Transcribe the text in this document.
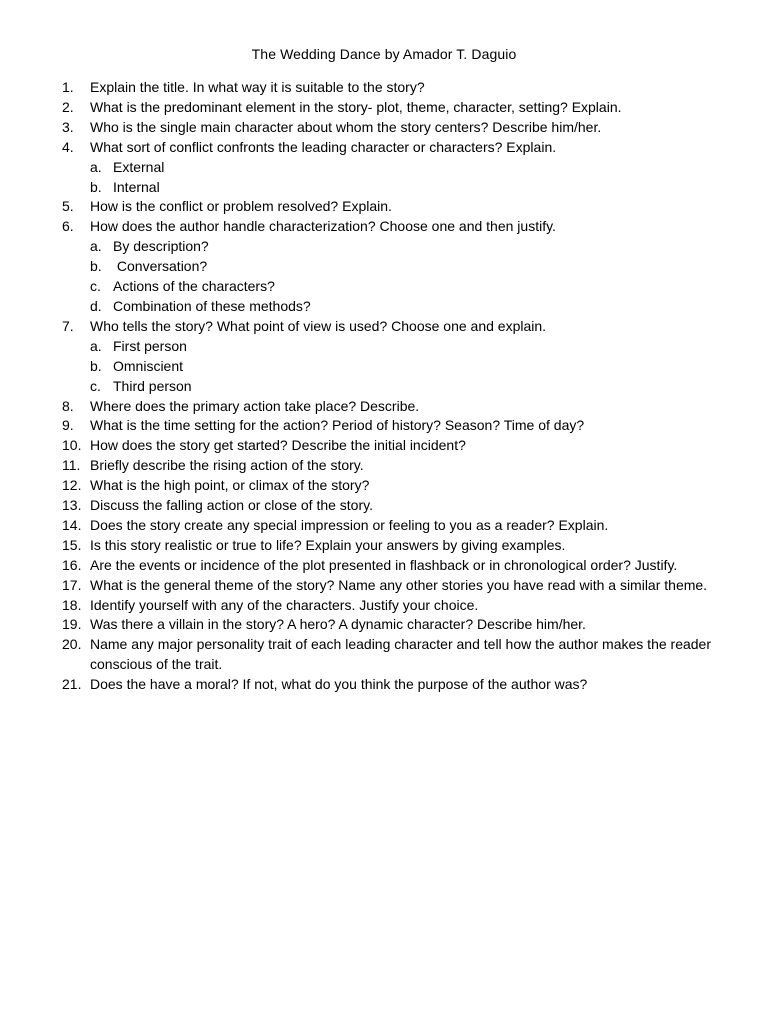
The Wedding Dance by Amador T. Daguio
1.	Explain the title. In what way it is suitable to the story?
2.	What is the predominant element in the story- plot, theme, character, setting? Explain.
3.	Who is the single main character about whom the story centers? Describe him/her.
4.	What sort of conflict confronts the leading character or characters? Explain.
a. External
b. Internal
5.	How is the conflict or problem resolved? Explain.
6.	How does the author handle characterization? Choose one and then justify.
a. By description?
b. Conversation?
c. Actions of the characters?
d. Combination of these methods?
7.	Who tells the story? What point of view is used? Choose one and explain.
a. First person
b. Omniscient
c. Third person
8.	Where does the primary action take place? Describe.
9.	What is the time setting for the action? Period of history? Season? Time of day?
10. How does the story get started? Describe the initial incident?
11. Briefly describe the rising action of the story.
12. What is the high point, or climax of the story?
13. Discuss the falling action or close of the story.
14. Does the story create any special impression or feeling to you as a reader? Explain.
15. Is this story realistic or true to life? Explain your answers by giving examples.
16. Are the events or incidence of the plot presented in flashback or in chronological order? Justify.
17. What is the general theme of the story? Name any other stories you have read with a similar theme.
18. Identify yourself with any of the characters. Justify your choice.
19. Was there a villain in the story? A hero? A dynamic character? Describe him/her.
20. Name any major personality trait of each leading character and tell how the author makes the reader conscious of the trait.
21. Does the have a moral? If not, what do you think the purpose of the author was?
